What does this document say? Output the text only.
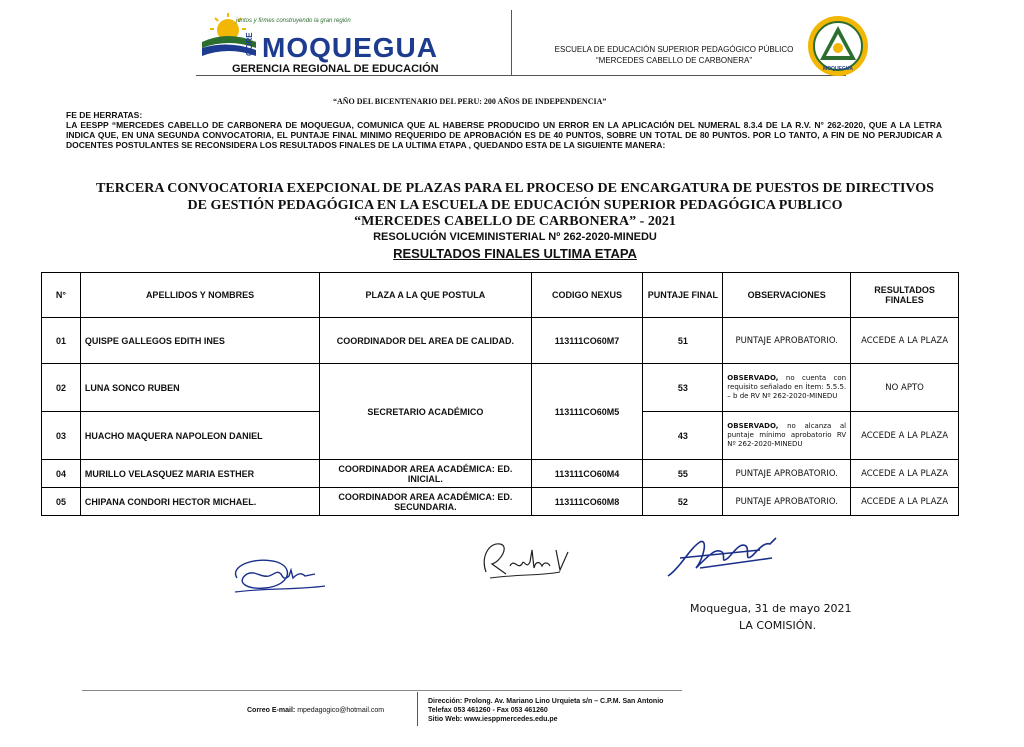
juntos y firmes construyendo la gran región
GORE MOQUEGUA
GERENCIA REGIONAL DE EDUCACIÓN
ESCUELA DE EDUCACIÓN SUPERIOR PEDAGÓGICO PÚBLICO
“MERCEDES CABELLO DE CARBONERA”
MOQUEGUA
“AÑO DEL BICENTENARIO DEL PERU: 200 AÑOS DE INDEPENDENCIA”
FE DE HERRATAS:
LA EESPP “MERCEDES CABELLO DE CARBONERA DE MOQUEGUA, COMUNICA QUE AL HABERSE PRODUCIDO UN ERROR EN LA APLICACIÓN DEL NUMERAL 8.3.4 DE LA R.V. N° 262-2020, QUE A LA LETRA INDICA QUE, EN UNA SEGUNDA CONVOCATORIA, EL PUNTAJE FINAL MINIMO REQUERIDO DE APROBACIÓN ES DE 40 PUNTOS, SOBRE UN TOTAL DE 80 PUNTOS. POR LO TANTO, A FIN DE NO PERJUDICAR A DOCENTES POSTULANTES SE RECONSIDERA LOS RESULTADOS FINALES DE LA ULTIMA ETAPA , QUEDANDO ESTA DE LA SIGUIENTE MANERA:
TERCERA CONVOCATORIA EXEPCIONAL DE PLAZAS PARA EL PROCESO DE ENCARGATURA DE PUESTOS DE DIRECTIVOS
DE GESTIÓN PEDAGÓGICA EN LA ESCUELA DE EDUCACIÓN SUPERIOR PEDAGÓGICA PUBLICO
“MERCEDES CABELLO DE CARBONERA” - 2021
RESOLUCIÓN VICEMINISTERIAL Nº 262-2020-MINEDU
RESULTADOS FINALES ULTIMA ETAPA
N°	APELLIDOS Y NOMBRES	PLAZA A LA QUE POSTULA	CODIGO NEXUS	PUNTAJE FINAL	OBSERVACIONES	RESULTADOS FINALES
01	QUISPE GALLEGOS EDITH INES	COORDINADOR DEL AREA DE CALIDAD.	113111CO60M7	51	PUNTAJE APROBATORIO.	ACCEDE A LA PLAZA
02	LUNA SONCO RUBEN	SECRETARIO ACADÉMICO	113111CO60M5	53	OBSERVADO, no cuenta con requisito señalado en Ítem: 5.5.5. – b de RV Nº 262-2020-MINEDU	NO APTO
03	HUACHO MAQUERA NAPOLEON DANIEL			43	OBSERVADO, no alcanza al puntaje mínimo aprobatorio RV Nº 262-2020-MINEDU	ACCEDE A LA PLAZA
04	MURILLO VELASQUEZ MARIA ESTHER	COORDINADOR AREA ACADÉMICA: ED. INICIAL.	113111CO60M4	55	PUNTAJE APROBATORIO.	ACCEDE A LA PLAZA
05	CHIPANA CONDORI HECTOR MICHAEL.	COORDINADOR AREA ACADÉMICA: ED. SECUNDARIA.	113111CO60M8	52	PUNTAJE APROBATORIO.	ACCEDE A LA PLAZA
Moquegua, 31 de mayo 2021
LA COMISIÓN.
Correo E-mail: mpedagogico@hotmail.com
Dirección: Prolong. Av. Mariano Lino Urquieta s/n – C.P.M. San Antonio
Telefax 053 461260 - Fax 053 461260
Sitio Web: www.iesppmercedes.edu.pe
